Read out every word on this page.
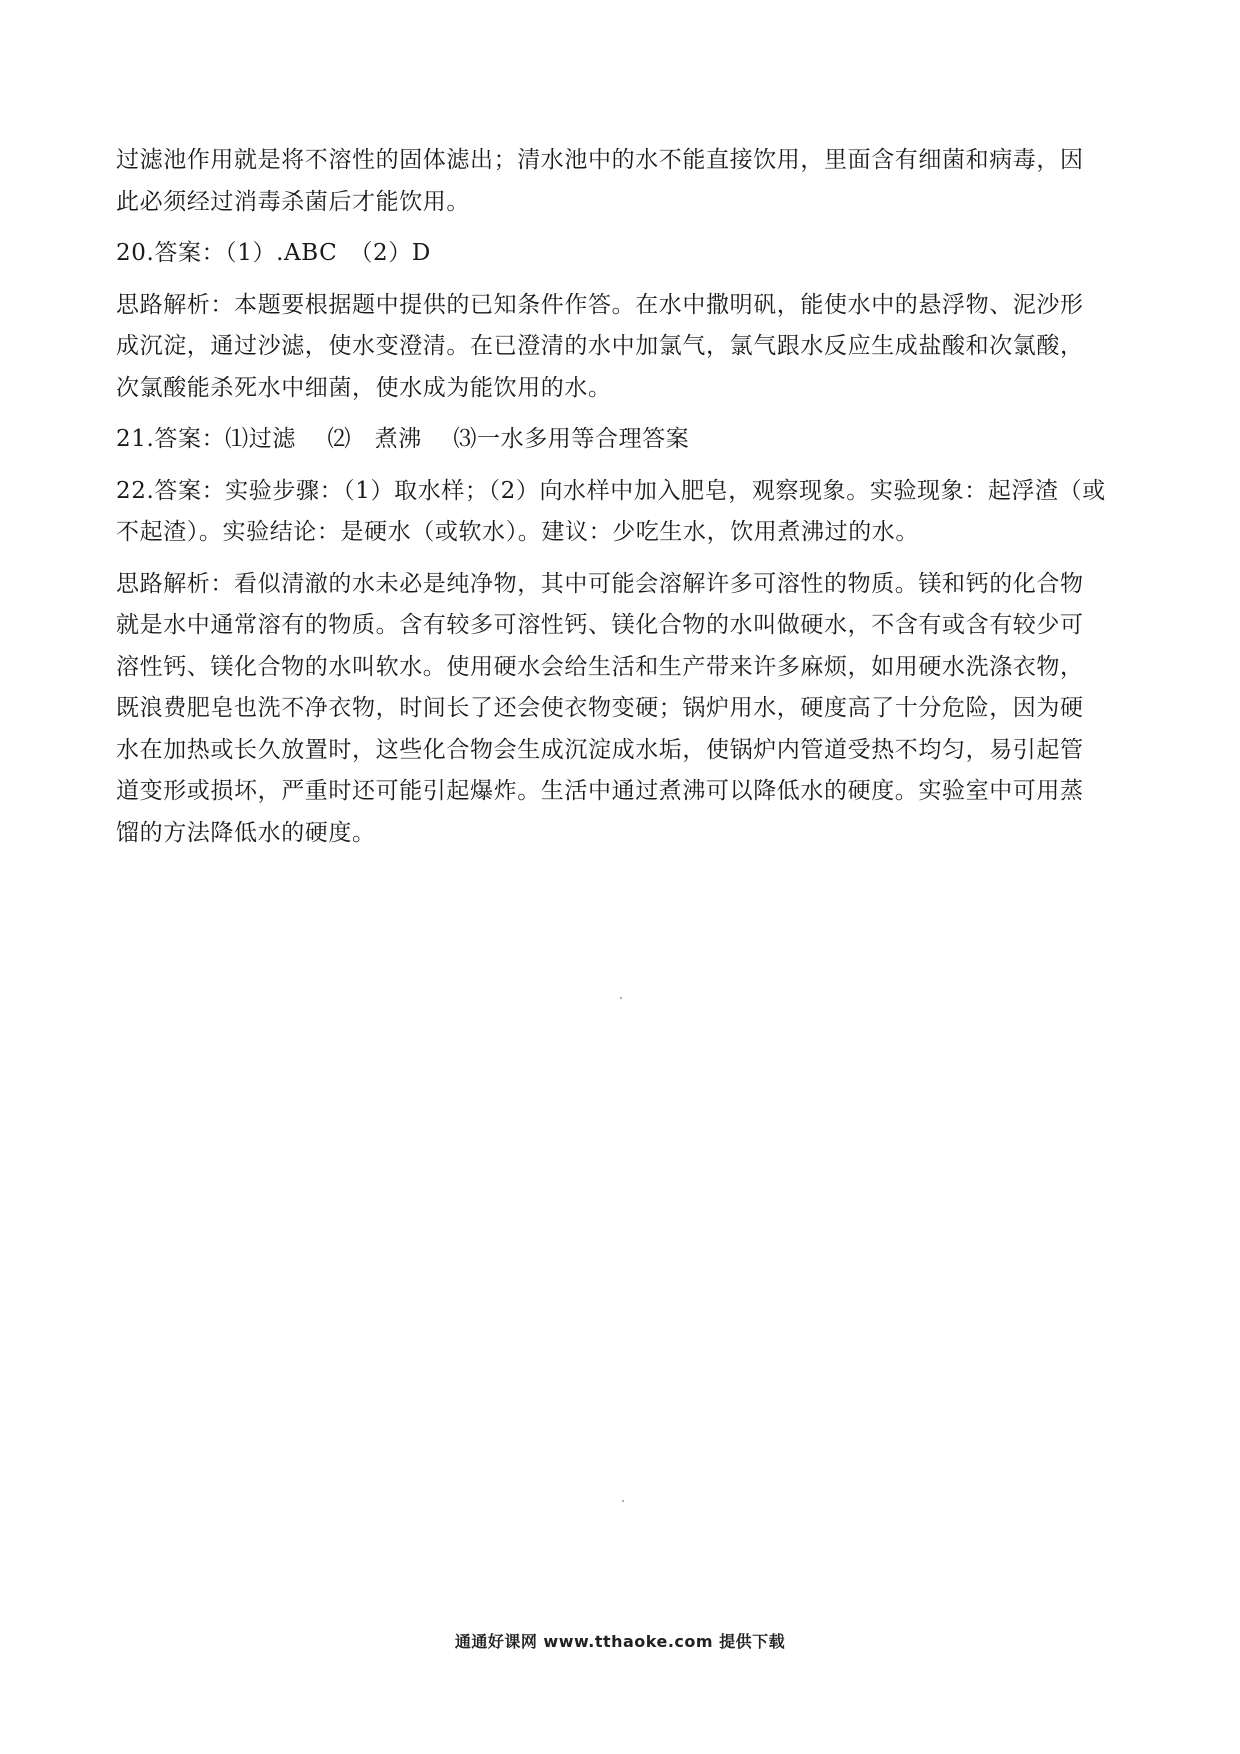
过滤池作用就是将不溶性的固体滤出；清水池中的水不能直接饮用，里面含有细菌和病毒，因
此必须经过消毒杀菌后才能饮用。
20.答案：（1）.ABC　（2）D
思路解析：本题要根据题中提供的已知条件作答。在水中撒明矾，能使水中的悬浮物、泥沙形
成沉淀，通过沙滤，使水变澄清。在已澄清的水中加氯气，氯气跟水反应生成盐酸和次氯酸，
次氯酸能杀死水中细菌，使水成为能饮用的水。
21.答案：⑴过滤　 ⑵　煮沸　 ⑶一水多用等合理答案
22.答案：实验步骤：（1）取水样；（2）向水样中加入肥皂，观察现象。实验现象：起浮渣（或
不起渣）。实验结论：是硬水（或软水）。建议：少吃生水，饮用煮沸过的水。
思路解析：看似清澈的水未必是纯净物，其中可能会溶解许多可溶性的物质。镁和钙的化合物
就是水中通常溶有的物质。含有较多可溶性钙、镁化合物的水叫做硬水，不含有或含有较少可
溶性钙、镁化合物的水叫软水。使用硬水会给生活和生产带来许多麻烦，如用硬水洗涤衣物，
既浪费肥皂也洗不净衣物，时间长了还会使衣物变硬；锅炉用水，硬度高了十分危险，因为硬
水在加热或长久放置时，这些化合物会生成沉淀成水垢，使锅炉内管道受热不均匀，易引起管
道变形或损坏，严重时还可能引起爆炸。生活中通过煮沸可以降低水的硬度。实验室中可用蒸
馏的方法降低水的硬度。
通通好课网 www.tthaoke.com 提供下载
